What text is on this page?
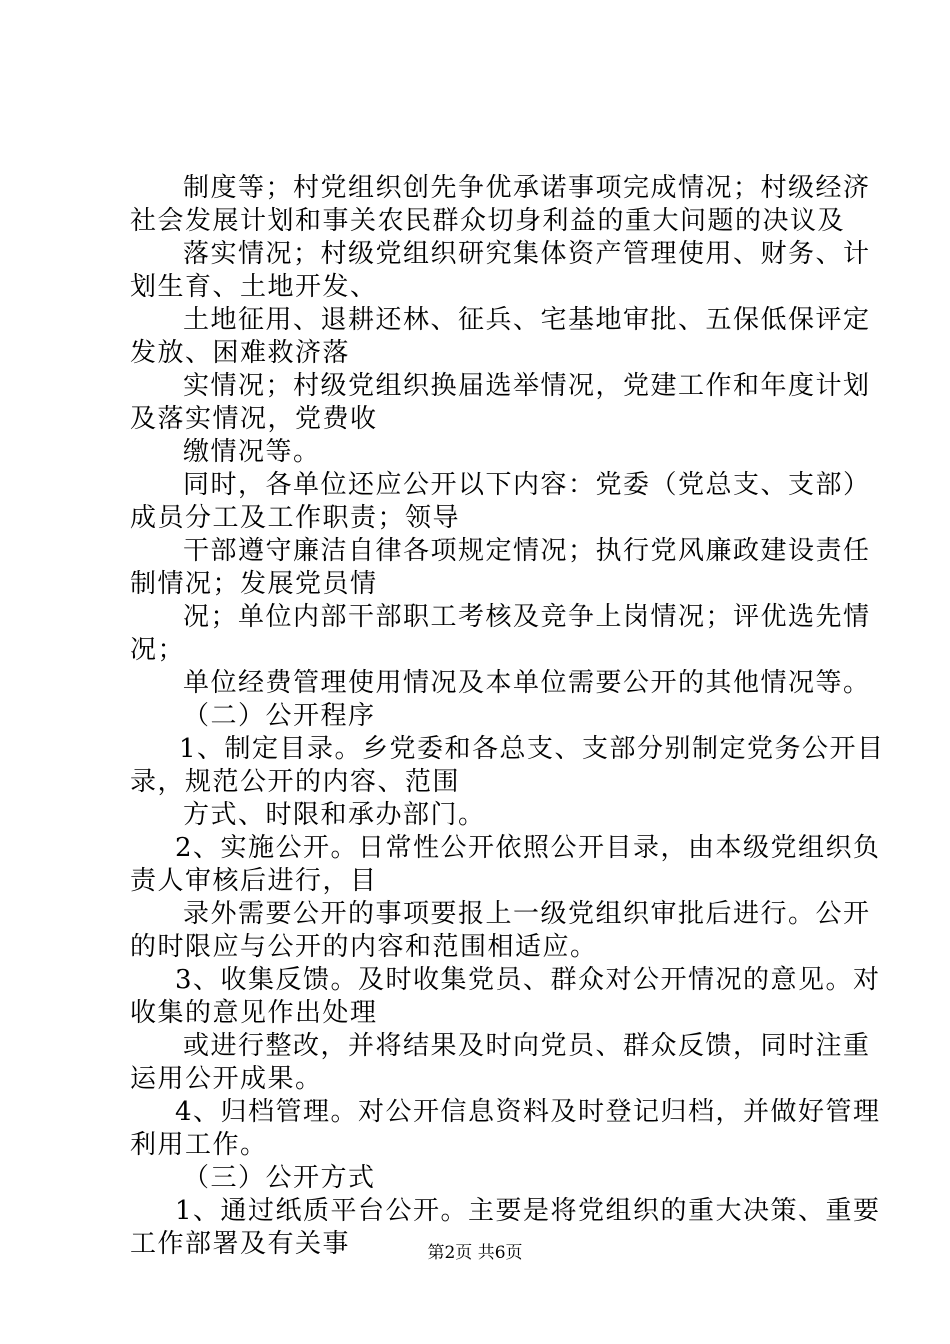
制度等；村党组织创先争优承诺事项完成情况；村级经济
社会发展计划和事关农民群众切身利益的重大问题的决议及
落实情况；村级党组织研究集体资产管理使用、财务、计
划生育、土地开发、
土地征用、退耕还林、征兵、宅基地审批、五保低保评定
发放、困难救济落
实情况；村级党组织换届选举情况，党建工作和年度计划
及落实情况，党费收
缴情况等。
同时，各单位还应公开以下内容：党委（党总支、支部）
成员分工及工作职责；领导
干部遵守廉洁自律各项规定情况；执行党风廉政建设责任
制情况；发展党员情
况；单位内部干部职工考核及竞争上岗情况；评优选先情
况；
单位经费管理使用情况及本单位需要公开的其他情况等。
（二）公开程序
1、制定目录。乡党委和各总支、支部分别制定党务公开目
录，规范公开的内容、范围
方式、时限和承办部门。
2、实施公开。日常性公开依照公开目录，由本级党组织负
责人审核后进行，目
录外需要公开的事项要报上一级党组织审批后进行。公开
的时限应与公开的内容和范围相适应。
3、收集反馈。及时收集党员、群众对公开情况的意见。对
收集的意见作出处理
或进行整改，并将结果及时向党员、群众反馈，同时注重
运用公开成果。
4、归档管理。对公开信息资料及时登记归档，并做好管理
利用工作。
（三）公开方式
1、通过纸质平台公开。主要是将党组织的重大决策、重要
工作部署及有关事	第2页 共6页
